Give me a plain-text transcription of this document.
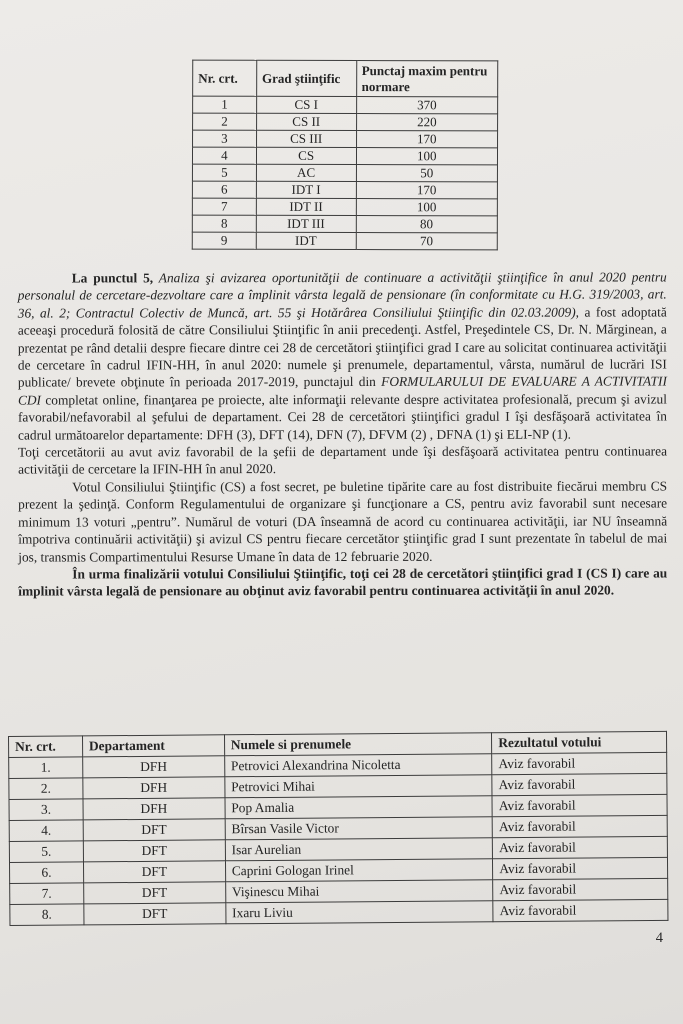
Nr. crt.	Grad ştiinţific	Punctaj maxim pentru normare
1	CS I	370
2	CS II	220
3	CS III	170
4	CS	100
5	AC	50
6	IDT I	170
7	IDT II	100
8	IDT III	80
9	IDT	70

La punctul 5, Analiza şi avizarea oportunităţii de continuare a activităţii ştiinţifice în anul 2020 pentru personalul de cercetare-dezvoltare care a împlinit vârsta legală de pensionare (în conformitate cu H.G. 319/2003, art. 36, al. 2; Contractul Colectiv de Muncă, art. 55 şi Hotărârea Consiliului Ştiinţific din 02.03.2009), a fost adoptată aceeaşi procedură folosită de către Consiliului Ştiinţific în anii precedenţi. Astfel, Preşedintele CS, Dr. N. Mărginean, a prezentat pe rând detalii despre fiecare dintre cei 28 de cercetători ştiinţifici grad I care au solicitat continuarea activităţii de cercetare în cadrul IFIN-HH, în anul 2020: numele şi prenumele, departamentul, vârsta, numărul de lucrări ISI publicate/ brevete obţinute în perioada 2017-2019, punctajul din FORMULARULUI DE EVALUARE A ACTIVITATII CDI completat online, finanţarea pe proiecte, alte informaţii relevante despre activitatea profesională, precum şi avizul favorabil/nefavorabil al şefului de departament. Cei 28 de cercetători ştiinţifici gradul I îşi desfăşoară activitatea în cadrul următoarelor departamente: DFH (3), DFT (14), DFN (7), DFVM (2) , DFNA (1) şi ELI-NP (1).

Toţi cercetătorii au avut aviz favorabil de la şefii de departament unde îşi desfăşoară activitatea pentru continuarea activităţii de cercetare la IFIN-HH în anul 2020.

Votul Consiliului Ştiinţific (CS) a fost secret, pe buletine tipărite care au fost distribuite fiecărui membru CS prezent la şedinţă. Conform Regulamentului de organizare şi funcţionare a CS, pentru aviz favorabil sunt necesare minimum 13 voturi „pentru”. Numărul de voturi (DA înseamnă de acord cu continuarea activităţii, iar NU înseamnă împotriva continuării activităţii) şi avizul CS pentru fiecare cercetător ştiinţific grad I sunt prezentate în tabelul de mai jos, transmis Compartimentului Resurse Umane în data de 12 februarie 2020.

În urma finalizării votului Consiliului Ştiinţific, toţi cei 28 de cercetători ştiinţifici grad I (CS I) care au împlinit vârsta legală de pensionare au obţinut aviz favorabil pentru continuarea activităţii în anul 2020.

Nr. crt.	Departament	Numele si prenumele	Rezultatul votului
1.	DFH	Petrovici Alexandrina Nicoletta	Aviz favorabil
2.	DFH	Petrovici Mihai	Aviz favorabil
3.	DFH	Pop Amalia	Aviz favorabil
4.	DFT	Bîrsan Vasile Victor	Aviz favorabil
5.	DFT	Isar Aurelian	Aviz favorabil
6.	DFT	Caprini Gologan Irinel	Aviz favorabil
7.	DFT	Vişinescu Mihai	Aviz favorabil
8.	DFT	Ixaru Liviu	Aviz favorabil
4
